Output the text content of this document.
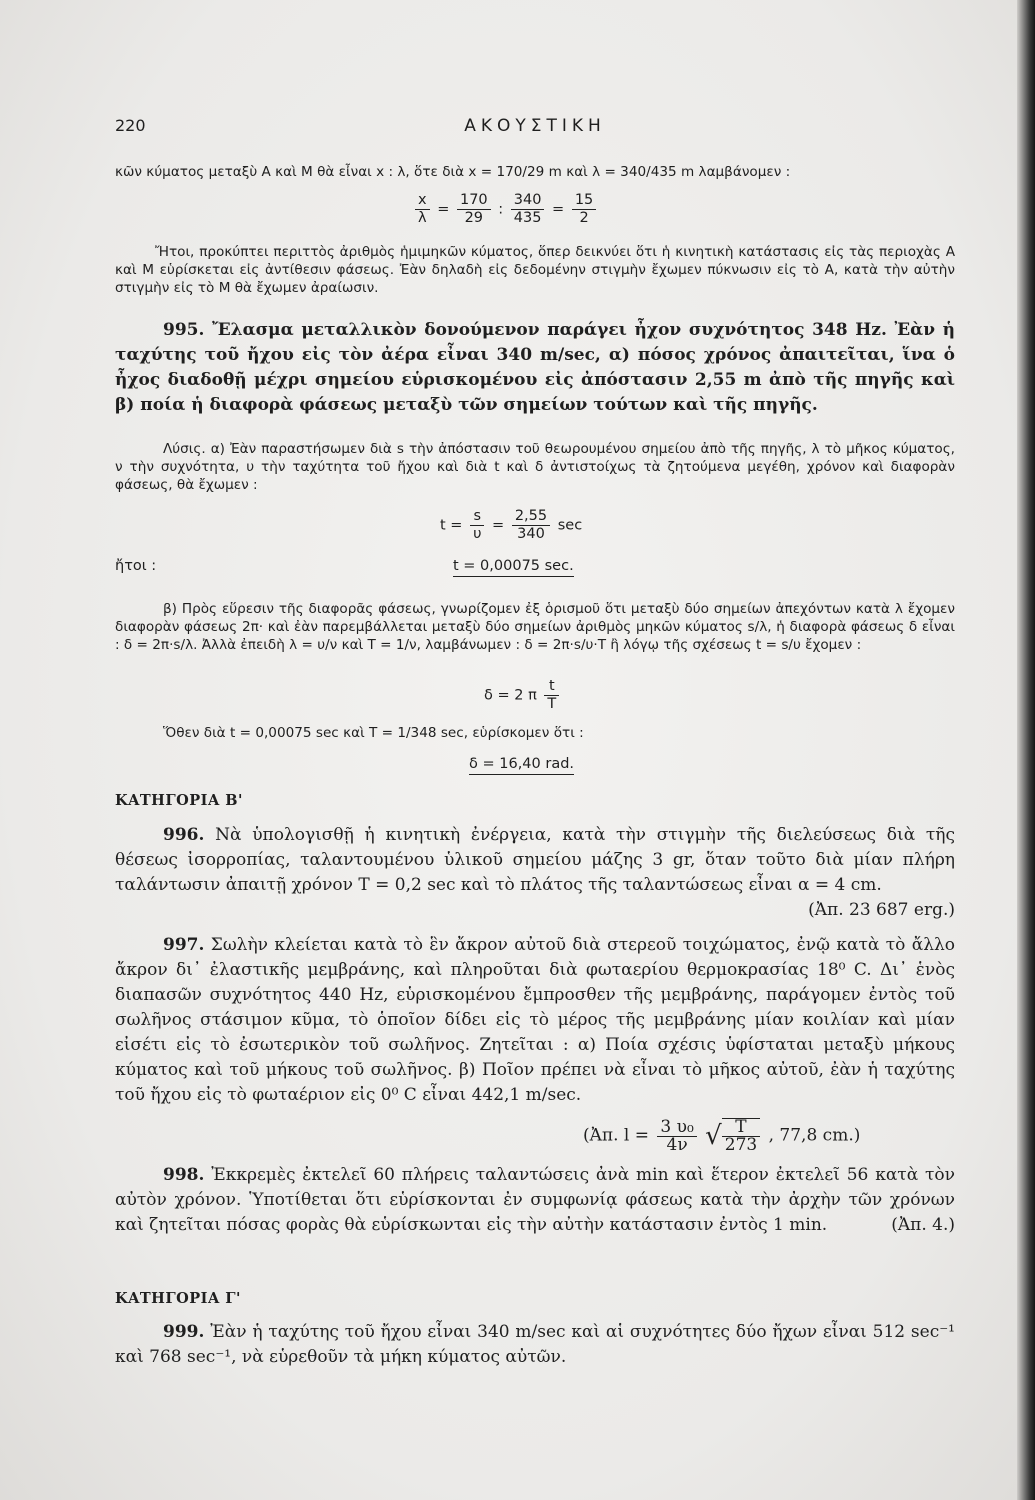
220	ΑΚΟΥΣΤΙΚΗ
κῶν κύματος μεταξὺ Α καὶ Μ θὰ εἶναι x : λ, ὅτε διὰ x = 170/29 m καὶ λ = 340/435 m λαμβάνομεν :
$\frac{x}{\lambda} = \frac{170}{29}$ : $\frac{340}{435} = \frac{15}{2}$
Ἤτοι, προκύπτει περιττὸς ἀριθμὸς ἡμιμηκῶν κύματος, ὅπερ δεικνύει ὅτι ἡ κινητικὴ κατάστασις εἰς τὰς περιοχὰς Α καὶ Μ εὑρίσκεται εἰς ἀντίθεσιν φάσεως. Ἐὰν δηλαδὴ εἰς δεδομένην στιγμὴν ἔχωμεν πύκνωσιν εἰς τὸ Α, κατὰ τὴν αὐτὴν στιγμὴν εἰς τὸ Μ θὰ ἔχωμεν ἀραίωσιν.
995. Ἔλασμα μεταλλικὸν δονούμενον παράγει ἦχον συχνότητος 348 Hz. Ἐὰν ἡ ταχύτης τοῦ ἤχου εἰς τὸν ἀέρα εἶναι 340 m/sec, α) πόσος χρόνος ἀπαιτεῖται, ἵνα ὁ ἦχος διαδοθῇ μέχρι σημείου εὑρισκομένου εἰς ἀπόστασιν 2,55 m ἀπὸ τῆς πηγῆς καὶ β) ποία ἡ διαφορὰ φάσεως μεταξὺ τῶν σημείων τούτων καὶ τῆς πηγῆς.
Λύσις. α) Ἐὰν παραστήσωμεν διὰ s τὴν ἀπόστασιν τοῦ θεωρουμένου σημείου ἀπὸ τῆς πηγῆς, λ τὸ μῆκος κύματος, ν τὴν συχνότητα, υ τὴν ταχύτητα τοῦ ἤχου καὶ διὰ t καὶ δ ἀντιστοίχως τὰ ζητούμενα μεγέθη, χρόνον καὶ διαφορὰν φάσεως, θὰ ἔχωμεν :
$t = \frac{s}{\upsilon} = \frac{2,55}{340}$ sec
ἤτοι :	t = 0,00075 sec.
β) Πρὸς εὕρεσιν τῆς διαφορᾶς φάσεως, γνωρίζομεν ἐξ ὁρισμοῦ ὅτι μεταξὺ δύο σημείων ἀπεχόντων κατὰ λ ἔχομεν διαφορὰν φάσεως 2π· καὶ ἐὰν παρεμβάλλεται μεταξὺ δύο σημείων ἀριθμὸς μηκῶν κύματος s/λ, ἡ διαφορὰ φάσεως δ εἶναι : δ = 2π·s/λ. Ἀλλὰ ἐπειδὴ λ = υ/ν καὶ T = 1/ν, λαμβάνωμεν : δ = 2π·s/υ·T ἢ λόγῳ τῆς σχέσεως t = s/υ ἔχομεν :
δ = 2 π $\frac{t}{T}$
Ὅθεν διὰ t = 0,00075 sec καὶ T = 1/348 sec, εὑρίσκομεν ὅτι :
δ = 16,40 rad.
ΚΑΤΗΓΟΡΙΑ Β'
996. Νὰ ὑπολογισθῇ ἡ κινητικὴ ἐνέργεια, κατὰ τὴν στιγμὴν τῆς διελεύσεως διὰ τῆς θέσεως ἰσορροπίας, ταλαντουμένου ὑλικοῦ σημείου μάζης 3 gr, ὅταν τοῦτο διὰ μίαν πλήρη ταλάντωσιν ἀπαιτῇ χρόνον T = 0,2 sec καὶ τὸ πλάτος τῆς ταλαντώσεως εἶναι α = 4 cm.
(Ἀπ. 23 687 erg.)
997. Σωλὴν κλείεται κατὰ τὸ ἓν ἄκρον αὐτοῦ διὰ στερεοῦ τοιχώματος, ἐνῷ κατὰ τὸ ἄλλο ἄκρον δι᾽ ἐλαστικῆς μεμβράνης, καὶ πληροῦται διὰ φωταερίου θερμοκρασίας 18⁰ C. Δι᾽ ἑνὸς διαπασῶν συχνότητος 440 Hz, εὑρισκομένου ἔμπροσθεν τῆς μεμβράνης, παράγομεν ἐντὸς τοῦ σωλῆνος στάσιμον κῦμα, τὸ ὁποῖον δίδει εἰς τὸ μέρος τῆς μεμβράνης μίαν κοιλίαν καὶ μίαν εἰσέτι εἰς τὸ ἐσωτερικὸν τοῦ σωλῆνος. Ζητεῖται : α) Ποία σχέσις ὑφίσταται μεταξὺ μήκους κύματος καὶ τοῦ μήκους τοῦ σωλῆνος. β) Ποῖον πρέπει νὰ εἶναι τὸ μῆκος αὐτοῦ, ἐὰν ἡ ταχύτης τοῦ ἤχου εἰς τὸ φωταέριον εἰς 0⁰ C εἶναι 442,1 m/sec.
(Ἀπ. $l = \frac{\text{3 υ₀}}{4\nu}$ √ $\frac{T}{273}$ , 77,8 cm.)
998. Ἐκκρεμὲς ἐκτελεῖ 60 πλήρεις ταλαντώσεις ἀνὰ min καὶ ἕτερον ἐκτελεῖ 56 κατὰ τὸν αὐτὸν χρόνον. Ὑποτίθεται ὅτι εὑρίσκονται ἐν συμφωνίᾳ φάσεως κατὰ τὴν ἀρχὴν τῶν χρόνων καὶ ζητεῖται πόσας φορὰς θὰ εὑρίσκωνται εἰς τὴν αὐτὴν κατάστασιν ἐντὸς 1 min.	(Ἀπ. 4.)
ΚΑΤΗΓΟΡΙΑ Γ'
999. Ἐὰν ἡ ταχύτης τοῦ ἤχου εἶναι 340 m/sec καὶ αἱ συχνότητες δύο ἤχων εἶναι 512 sec⁻¹ καὶ 768 sec⁻¹, νὰ εὑρεθοῦν τὰ μήκη κύματος αὐτῶν.
